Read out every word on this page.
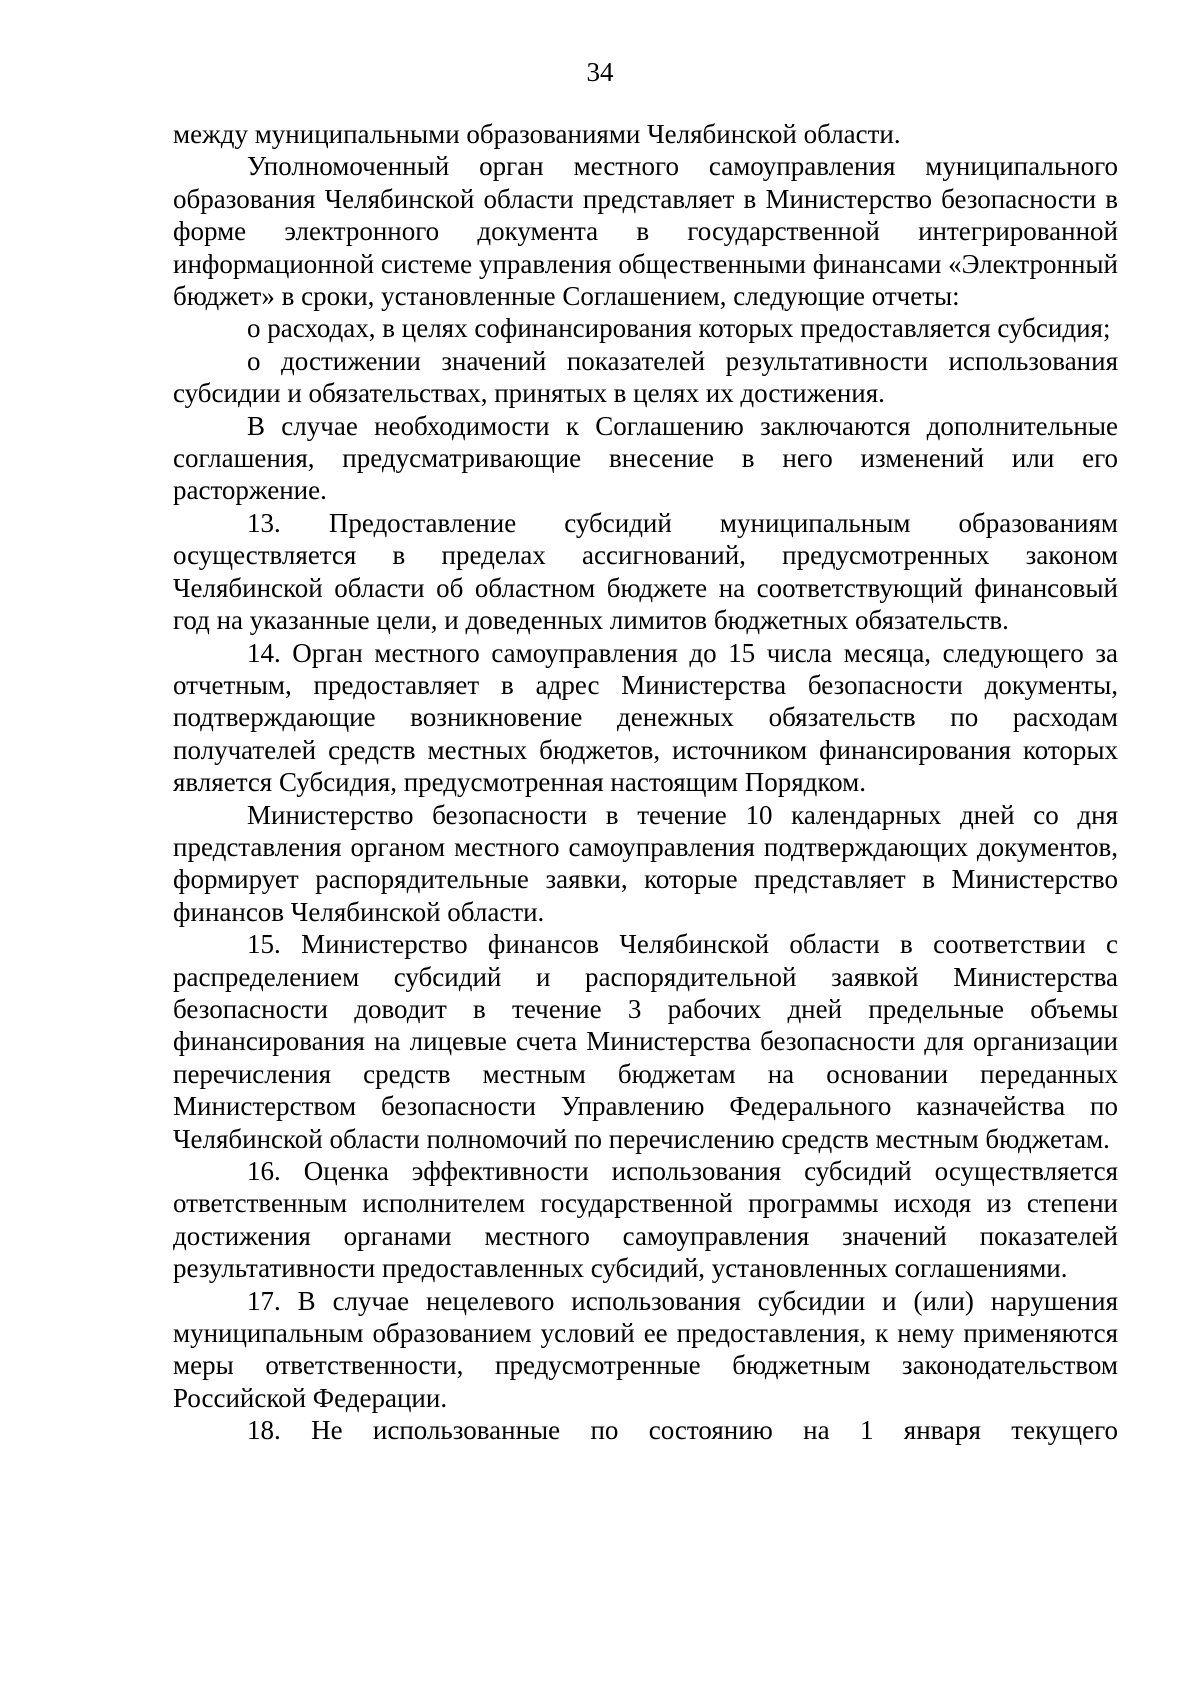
34

между муниципальными образованиями Челябинской области.

Уполномоченный орган местного самоуправления муниципального образования Челябинской области представляет в Министерство безопасности в форме электронного документа в государственной интегрированной информационной системе управления общественными финансами «Электронный бюджет» в сроки, установленные Соглашением, следующие отчеты:

о расходах, в целях софинансирования которых предоставляется субсидия;

о достижении значений показателей результативности использования субсидии и обязательствах, принятых в целях их достижения.

В случае необходимости к Соглашению заключаются дополнительные соглашения, предусматривающие внесение в него изменений или его расторжение.

13. Предоставление субсидий муниципальным образованиям осуществляется в пределах ассигнований, предусмотренных законом Челябинской области об областном бюджете на соответствующий финансовый год на указанные цели, и доведенных лимитов бюджетных обязательств.

14. Орган местного самоуправления до 15 числа месяца, следующего за отчетным, предоставляет в адрес Министерства безопасности документы, подтверждающие возникновение денежных обязательств по расходам получателей средств местных бюджетов, источником финансирования которых является Субсидия, предусмотренная настоящим Порядком.

Министерство безопасности в течение 10 календарных дней со дня представления органом местного самоуправления подтверждающих документов, формирует распорядительные заявки, которые представляет в Министерство финансов Челябинской области.

15. Министерство финансов Челябинской области в соответствии с распределением субсидий и распорядительной заявкой Министерства безопасности доводит в течение 3 рабочих дней предельные объемы финансирования на лицевые счета Министерства безопасности для организации перечисления средств местным бюджетам на основании переданных Министерством безопасности Управлению Федерального казначейства по Челябинской области полномочий по перечислению средств местным бюджетам.

16. Оценка эффективности использования субсидий осуществляется ответственным исполнителем государственной программы исходя из степени достижения органами местного самоуправления значений показателей результативности предоставленных субсидий, установленных соглашениями.

17. В случае нецелевого использования субсидии и (или) нарушения муниципальным образованием условий ее предоставления, к нему применяются меры ответственности, предусмотренные бюджетным законодательством Российской Федерации.

18. Не использованные по состоянию на 1 января текущего
